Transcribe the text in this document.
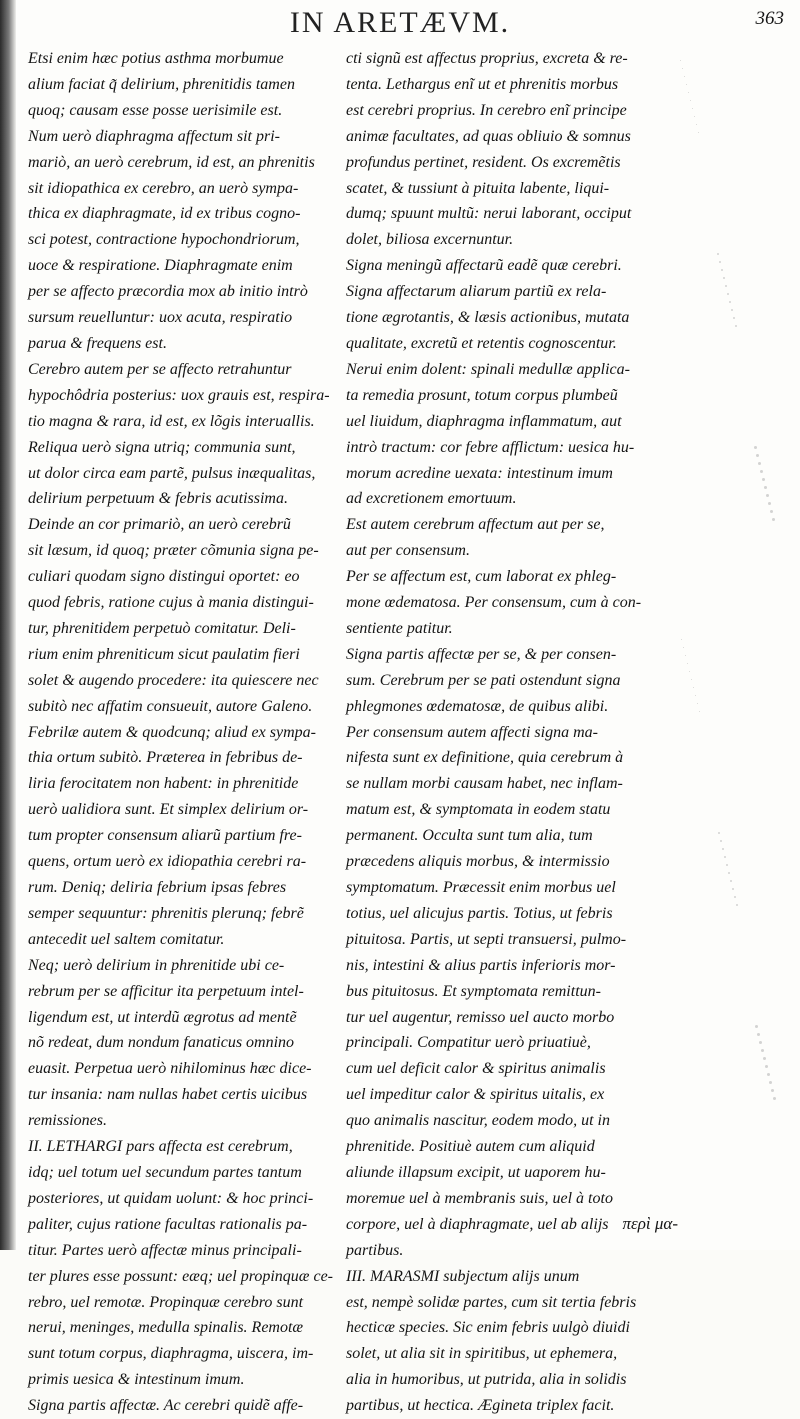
IN ARETÆVM.	363

Etsi enim hæc potius asthma morbumue

alium faciat q̃ delirium, phrenitidis tamen

quoq; causam esse posse uerisimile est.

Num uerò diaphragma affectum sit pri-

mariò, an uerò cerebrum, id est, an phrenitis

sit idiopathica ex cerebro, an uerò sympa-

thica ex diaphragmate, id ex tribus cogno-

sci potest, contractione hypochondriorum,

uoce & respiratione. Diaphragmate enim

per se affecto præcordia mox ab initio intrò

sursum reuelluntur: uox acuta, respiratio

parua & frequens est.

Cerebro autem per se affecto retrahuntur

hypochôdria posterius: uox grauis est, respira-

tio magna & rara, id est, ex lõgis interuallis.

Reliqua uerò signa utriq; communia sunt,

ut dolor circa eam partẽ, pulsus inæqualitas,

delirium perpetuum & febris acutissima.

Deinde an cor primariò, an uerò cerebrũ

sit læsum, id quoq; præter cõmunia signa pe-

culiari quodam signo distingui oportet: eo

quod febris, ratione cujus à mania distingui-

tur, phrenitidem perpetuò comitatur. Deli-

rium enim phreniticum sicut paulatim fieri

solet & augendo procedere: ita quiescere nec

subitò nec affatim consueuit, autore Galeno.

Febrilæ autem & quodcunq; aliud ex sympa-

thia ortum subitò. Præterea in febribus de-

liria ferocitatem non habent: in phrenitide

uerò ualidiora sunt. Et simplex delirium or-

tum propter consensum aliarũ partium fre-

quens, ortum uerò ex idiopathia cerebri ra-

rum. Deniq; deliria febrium ipsas febres

semper sequuntur: phrenitis plerunq; febrẽ

antecedit uel saltem comitatur.

Neq; uerò delirium in phrenitide ubi ce-

rebrum per se afficitur ita perpetuum intel-

ligendum est, ut interdũ ægrotus ad mentẽ

nõ redeat, dum nondum fanaticus omnino

euasit. Perpetua uerò nihilominus hæc dice-

tur insania: nam nullas habet certis uicibus

remissiones.

II. LETHARGI pars affecta est cerebrum,

idq; uel totum uel secundum partes tantum

posteriores, ut quidam uolunt: & hoc princi-

paliter, cujus ratione facultas rationalis pa-

titur. Partes uerò affectæ minus principali-

ter plures esse possunt: eæq; uel propinquæ ce-

rebro, uel remotæ. Propinquæ cerebro sunt

nerui, meninges, medulla spinalis. Remotæ

sunt totum corpus, diaphragma, uiscera, im-

primis uesica & intestinum imum.

Signa partis affectæ. Ac cerebri quidẽ affe-

cti signũ est affectus proprius, excreta & re-

tenta. Lethargus enĩ ut et phrenitis morbus

est cerebri proprius. In cerebro enĩ principe

animæ facultates, ad quas obliuio & somnus

profundus pertinet, resident. Os excremẽtis

scatet, & tussiunt à pituita labente, liqui-

dumq; spuunt multũ: nerui laborant, occiput

dolet, biliosa excernuntur.

Signa meningũ affectarũ eadẽ quæ cerebri.

Signa affectarum aliarum partiũ ex rela-

tione ægrotantis, & læsis actionibus, mutata

qualitate, excretũ et retentis cognoscentur.

Nerui enim dolent: spinali medullæ applica-

ta remedia prosunt, totum corpus plumbeũ

uel liuidum, diaphragma inflammatum, aut

intrò tractum: cor febre afflictum: uesica hu-

morum acredine uexata: intestinum imum

ad excretionem emortuum.

Est autem cerebrum affectum aut per se,

aut per consensum.

Per se affectum est, cum laborat ex phleg-

mone œdematosa. Per consensum, cum à con-

sentiente patitur.

Signa partis affectæ per se, & per consen-

sum. Cerebrum per se pati ostendunt signa

phlegmones œdematosæ, de quibus alibi.

Per consensum autem affecti signa ma-

nifesta sunt ex definitione, quia cerebrum à

se nullam morbi causam habet, nec inflam-

matum est, & symptomata in eodem statu

permanent. Occulta sunt tum alia, tum

præcedens aliquis morbus, & intermissio

symptomatum. Præcessit enim morbus uel

totius, uel alicujus partis. Totius, ut febris

pituitosa. Partis, ut septi transuersi, pulmo-

nis, intestini & alius partis inferioris mor-

bus pituitosus. Et symptomata remittun-

tur uel augentur, remisso uel aucto morbo

principali. Compatitur uerò priuatiuè,

cum uel deficit calor & spiritus animalis

uel impeditur calor & spiritus uitalis, ex

quo animalis nascitur, eodem modo, ut in

phrenitide. Positiuè autem cum aliquid

aliunde illapsum excipit, ut uaporem hu-

moremue uel à membranis suis, uel à toto

corpore, uel à diaphragmate, uel ab alijs

partibus.

III. MARASMI subjectum alijs unum

est, nempè solidæ partes, cum sit tertia febris

hecticæ species. Sic enim febris uulgò diuidi

solet, ut alia sit in spiritibus, ut ephemera,

alia in humoribus, ut putrida, alia in solidis

partibus, ut hectica. Ægineta triplex facit.

περὶ μα-
